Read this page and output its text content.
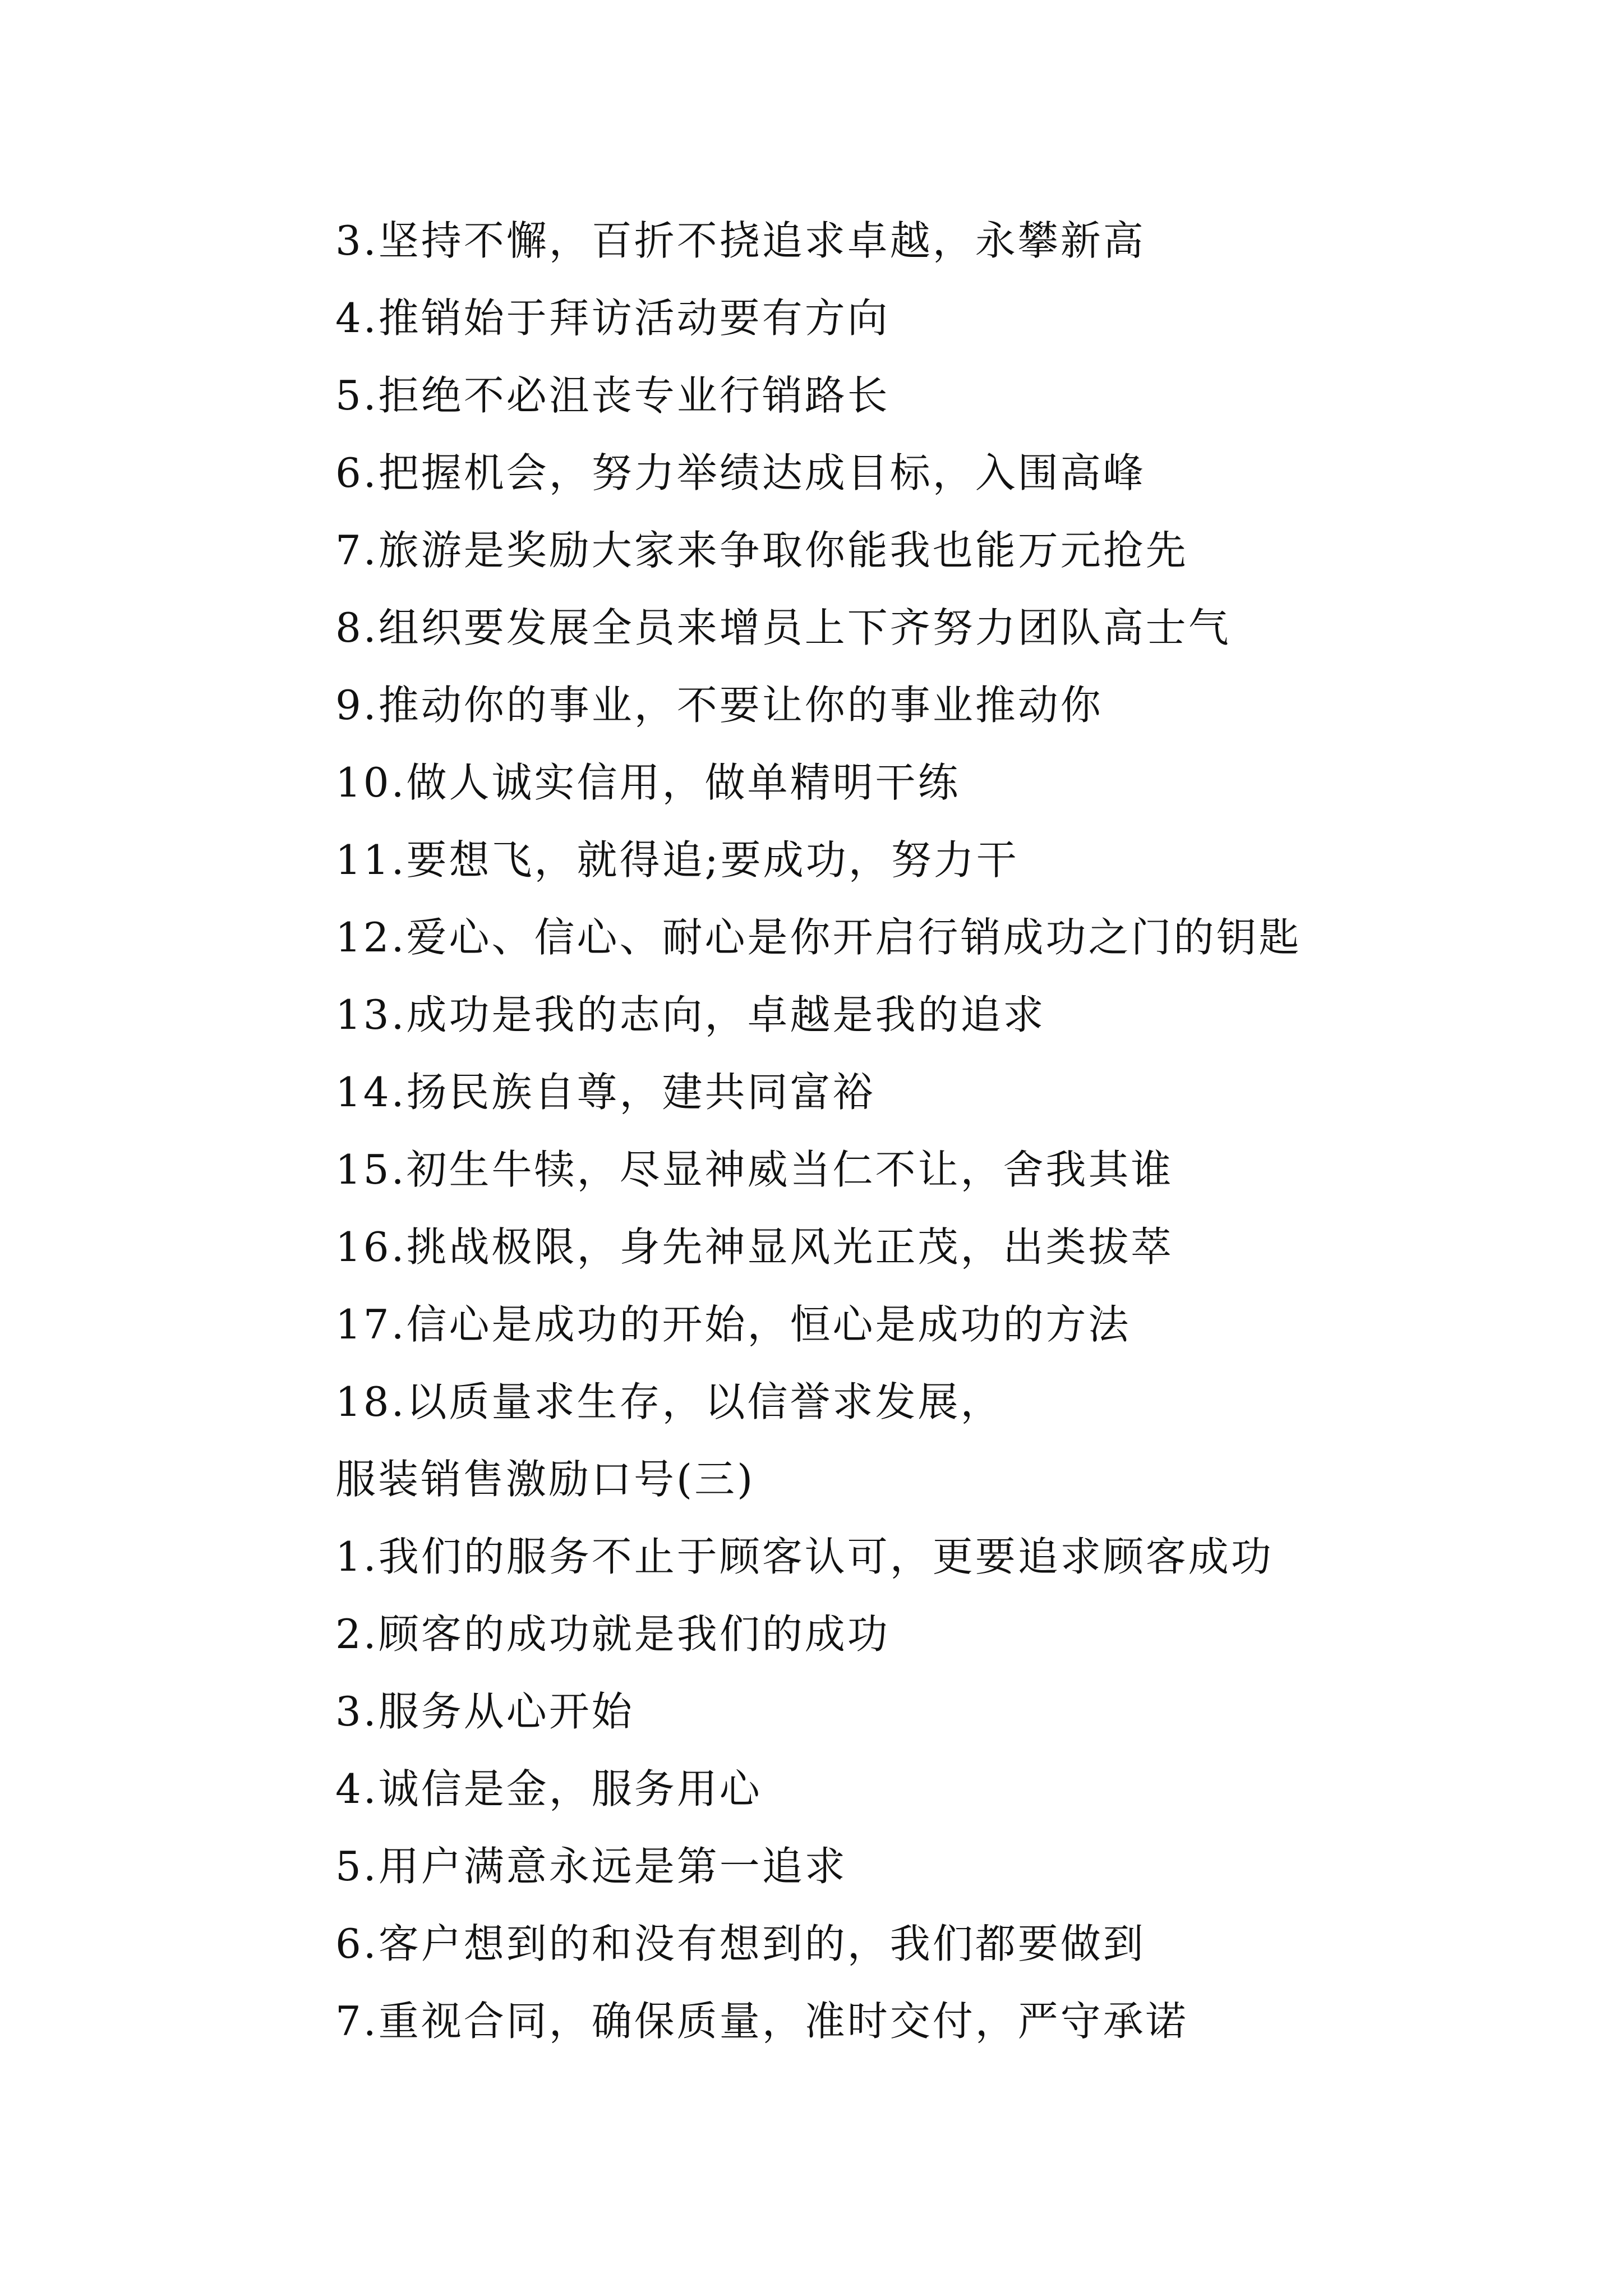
3.坚持不懈，百折不挠追求卓越，永攀新高
4.推销始于拜访活动要有方向
5.拒绝不必沮丧专业行销路长
6.把握机会，努力举绩达成目标，入围高峰
7.旅游是奖励大家来争取你能我也能万元抢先
8.组织要发展全员来增员上下齐努力团队高士气
9.推动你的事业，不要让你的事业推动你
10.做人诚实信用，做单精明干练
11.要想飞，就得追;要成功，努力干
12.爱心、信心、耐心是你开启行销成功之门的钥匙
13.成功是我的志向，卓越是我的追求
14.扬民族自尊，建共同富裕
15.初生牛犊，尽显神威当仁不让，舍我其谁
16.挑战极限，身先神显风光正茂，出类拔萃
17.信心是成功的开始，恒心是成功的方法
18.以质量求生存，以信誉求发展，
服装销售激励口号(三)
1.我们的服务不止于顾客认可，更要追求顾客成功
2.顾客的成功就是我们的成功
3.服务从心开始
4.诚信是金，服务用心
5.用户满意永远是第一追求
6.客户想到的和没有想到的，我们都要做到
7.重视合同，确保质量，准时交付，严守承诺
